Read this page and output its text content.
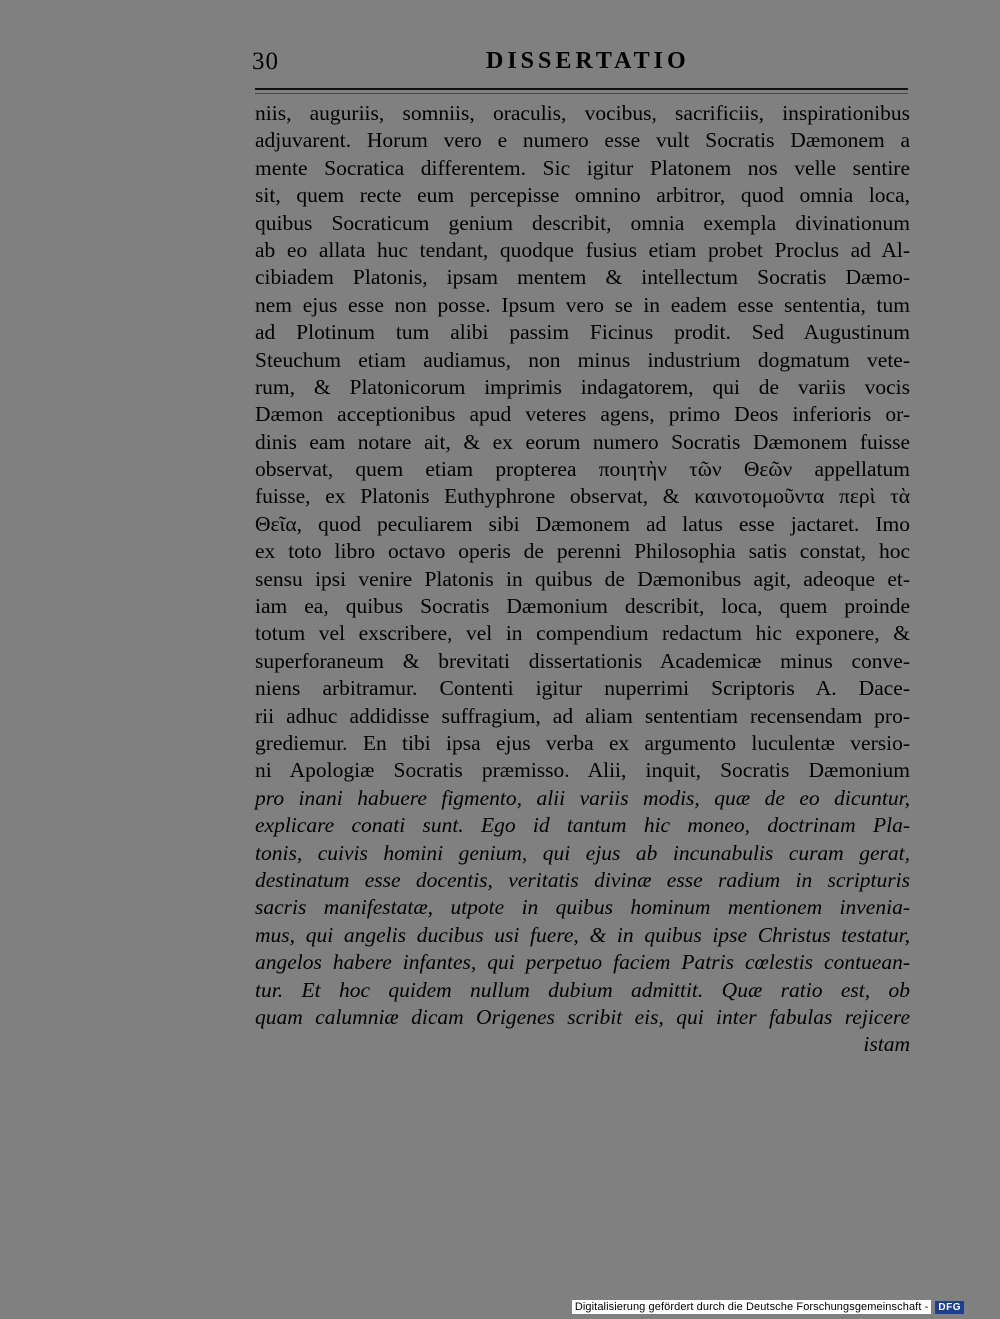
30	DISSERTATIO
niis, auguriis, somniis, oraculis, vocibus, sacrificiis, inspirationibus
adjuvarent. Horum vero e numero esse vult Socratis Dæmonem a
mente Socratica differentem. Sic igitur Platonem nos velle sentire
sit, quem recte eum percepisse omnino arbitror, quod omnia loca,
quibus Socraticum genium describit, omnia exempla divinationum
ab eo allata huc tendant, quodque fusius etiam probet Proclus ad Al-
cibiadem Platonis, ipsam mentem & intellectum Socratis Dæmo-
nem ejus esse non posse. Ipsum vero se in eadem esse sententia, tum
ad Plotinum tum alibi passim Ficinus prodit. Sed Augustinum
Steuchum etiam audiamus, non minus industrium dogmatum vete-
rum, & Platonicorum imprimis indagatorem, qui de variis vocis
Dæmon acceptionibus apud veteres agens, primo Deos inferioris or-
dinis eam notare ait, & ex eorum numero Socratis Dæmonem fuisse
observat, quem etiam propterea ποιητὴν τῶν Θεῶν appellatum
fuisse, ex Platonis Euthyphrone observat, & καινοτομοῦντα περὶ τὰ
Θεῖα, quod peculiarem sibi Dæmonem ad latus esse jactaret. Imo
ex toto libro octavo operis de perenni Philosophia satis constat, hoc
sensu ipsi venire Platonis in quibus de Dæmonibus agit, adeoque et-
iam ea, quibus Socratis Dæmonium describit, loca, quem proinde
totum vel exscribere, vel in compendium redactum hic exponere, &
superforaneum & brevitati dissertationis Academicæ minus conve-
niens arbitramur. Contenti igitur nuperrimi Scriptoris A. Dace-
rii adhuc addidisse suffragium, ad aliam sententiam recensendam pro-
grediemur. En tibi ipsa ejus verba ex argumento luculentæ versio-
ni Apologiæ Socratis præmisso. Alii, inquit, Socratis Dæmonium
pro inani habuere figmento, alii variis modis, quæ de eo dicuntur,
explicare conati sunt. Ego id tantum hic moneo, doctrinam Pla-
tonis, cuivis homini genium, qui ejus ab incunabulis curam gerat,
destinatum esse docentis, veritatis divinæ esse radium in scripturis
sacris manifestatæ, utpote in quibus hominum mentionem invenia-
mus, qui angelis ducibus usi fuere, & in quibus ipse Christus testatur,
angelos habere infantes, qui perpetuo faciem Patris cœlestis contuean-
tur. Et hoc quidem nullum dubium admittit. Quæ ratio est, ob
quam calumniæ dicam Origenes scribit eis, qui inter fabulas rejicere
istam
Digitalisierung gefördert durch die Deutsche Forschungsgemeinschaft -	DFG
